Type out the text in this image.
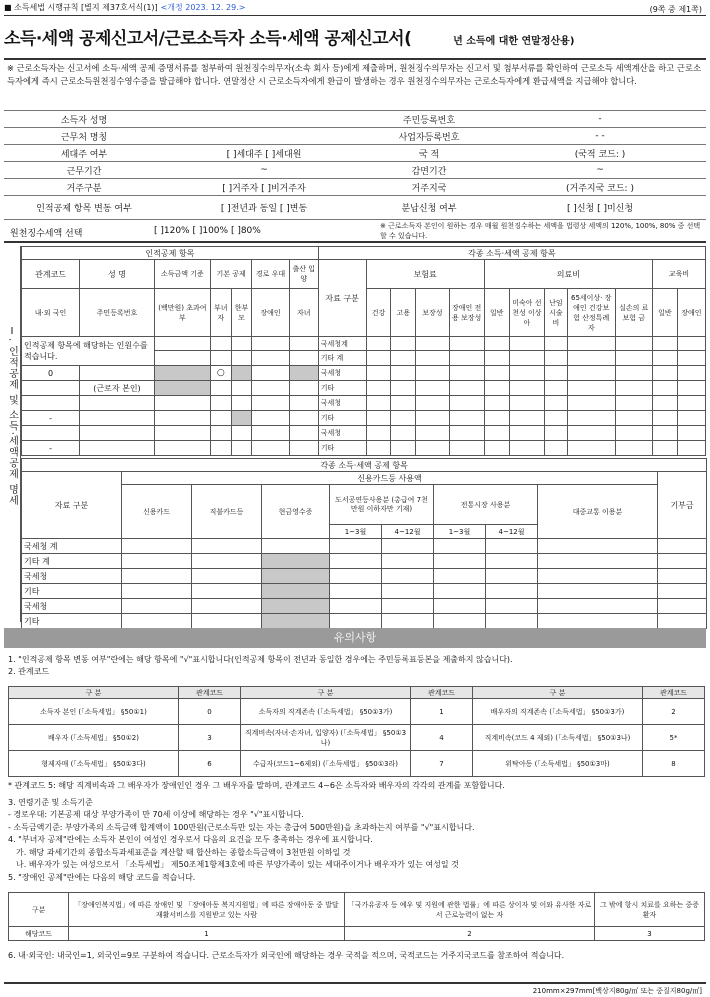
■ 소득세법 시행규칙 [별지 제37호서식(1)] <개정 2023. 12. 29.>	(9쪽 중 제1쪽)
소득·세액 공제신고서/근로소득자 소득·세액 공제신고서(	년 소득에 대한 연말정산용)
※ 근로소득자는 신고서에 소득·세액 공제 증명서류를 첨부하여 원천징수의무자(소속 회사 등)에게 제출하며, 원천징수의무자는 신고서 및 첨부서류를 확인하여 근로소득 세액계산을 하고 근로소득자에게 즉시 근로소득원천징수영수증을 발급해야 합니다. 연말정산 시 근로소득자에게 환급이 발생하는 경우 원천징수의무자는 근로소득자에게 환급세액을 지급해야 합니다.
소득자 성명		주민등록번호	-
근무처 명칭		사업자등록번호	- -
세대주 여부	[ ]세대주 [ ]세대원	국 적	(국적 코드: )
근무기간	~	감면기간	~
거주구분	[ ]거주자 [ ]비거주자	거주지국	(거주지국 코드: )
인적공제 항목 변동 여부	[ ]전년과 동일 [ ]변동	분납신청 여부	[ ]신청 [ ]미신청
원천징수세액 선택	[ ]120% [ ]100% [ ]80%	※ 근로소득자 본인이 원하는 경우 매월 원천징수하는 세액을 법령상 세액의 120%, 100%, 80% 중 선택할 수 있습니다.
Ⅰ. 인적공제 및 소득·세액공제 명세
인적공제 항목							각종 소득·세액 공제 항목											
관계코드	성 명	소득금액 기준	기본 공제		경로 우대	출산 입양	자료 구분	보험료				의료비					교육비	
내·외 국인	주민등록번호	(백만원) 초과여부	부녀자	한부모	장애인	자녀		건강	고용	보장성	장애인 전용 보장성	일반	미숙아 선천성 이상아	난임 시술비	65세이상· 장애인 건강보험 산정특례자	실손의 료보험 금	일반	장애인
인적공제 항목에 해당하는 인원수를 적습니다.							국세청계											
							기타 계											
0			○				국세청											
	(근로자 본인)						기타											
							국세청											
-							기타											
							국세청											
-							기타											
각종 소득·세액 공제 항목									
자료 구분	신용카드등 사용액								기부금
	신용카드	직불카드등	현금영수증	도서공연등사용분 (총급여 7천만원 이하자만 기재)		전통시장 사용분		대중교통 이용분	
				1~3월	4~12월	1~3월	4~12월		
국세청 계									
기타 계									
국세청									
기타									
국세청									
기타									
유의사항
1. "인적공제 항목 변동 여부"란에는 해당 항목에 "√"표시합니다(인적공제 항목이 전년과 동일한 경우에는 주민등록표등본을 제출하지 않습니다).
2. 관계코드
구 분	관계코드	구 분	관계코드	구 분	관계코드
소득자 본인 (「소득세법」 §50①1)	0	소득자의 직계존속 (「소득세법」 §50①3가)	1	배우자의 직계존속 (「소득세법」 §50①3가)	2
배우자 (「소득세법」 §50①2)	3	직계비속(자녀·손자녀, 입양자) (「소득세법」 §50①3나)	4	직계비속(코드 4 제외) (「소득세법」 §50①3나)	5*
형제자매 (「소득세법」 §50①3다)	6	수급자(코드1~6제외) (「소득세법」 §50①3라)	7	위탁아동 (「소득세법」 §50①3마)	8
* 관계코드 5: 해당 직계비속과 그 배우자가 장애인인 경우 그 배우자를 말하며, 관계코드 4~6은 소득자와 배우자의 각각의 관계를 포함합니다.
3. 연령기준 및 소득기준
- 경로우대: 기본공제 대상 부양가족이 만 70세 이상에 해당하는 경우 "√"표시합니다.
- 소득금액기준: 부양가족의 소득금액 합계액이 100만원(근로소득만 있는 자는 총급여 500만원)을 초과하는지 여부를 "√"표시합니다.
4. "부녀자 공제"란에는 소득자 본인이 여성인 경우로서 다음의 요건을 모두 충족하는 경우에 표시합니다.
가. 해당 과세기간의 종합소득과세표준을 계산할 때 합산하는 종합소득금액이 3천만원 이하일 것
나. 배우자가 있는 여성으로서 「소득세법」 제50조제1항제3호에 따른 부양가족이 있는 세대주이거나 배우자가 있는 여성일 것
5. "장애인 공제"란에는 다음의 해당 코드를 적습니다.
구분	「장애인복지법」에 따른 장애인 및 「장애아동 복지지원법」에 따른 장애아동 중 발달재활서비스를 지원받고 있는 사람	「국가유공자 등 예우 및 지원에 관한 법률」에 따른 상이자 및 이와 유사한 자로서 근로능력이 없는 자	그 밖에 항시 치료를 요하는 중증환자
해당코드	1	2	3
6. 내·외국인: 내국인=1, 외국인=9로 구분하여 적습니다. 근로소득자가 외국인에 해당하는 경우 국적을 적으며, 국적코드는 거주지국코드를 참조하여 적습니다.
210mm×297mm[백상지80g/㎡ 또는 중질지80g/㎡]
